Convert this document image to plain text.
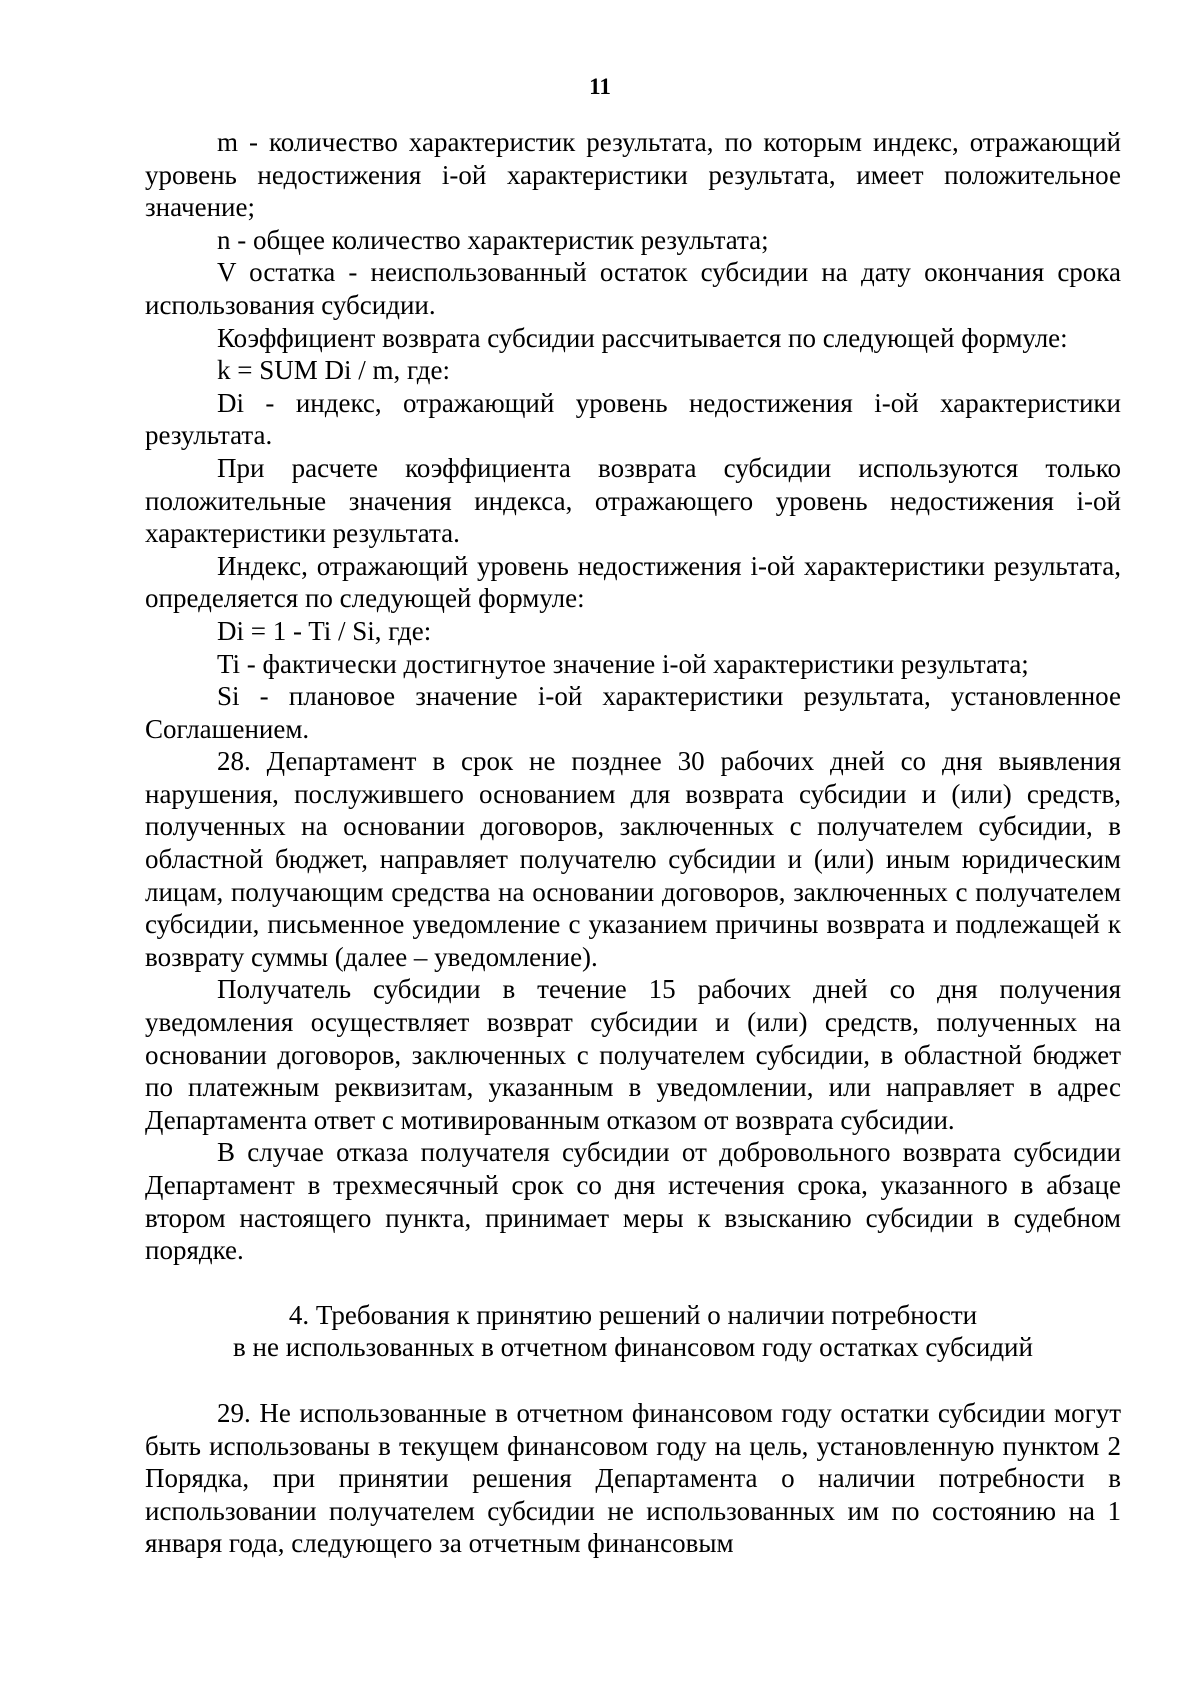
11

m - количество характеристик результата, по которым индекс, отражающий уровень недостижения i-ой характеристики результата, имеет положительное значение;

n - общее количество характеристик результата;

V остатка - неиспользованный остаток субсидии на дату окончания срока использования субсидии.

Коэффициент возврата субсидии рассчитывается по следующей формуле:

k = SUM Di / m, где:

Di - индекс, отражающий уровень недостижения i-ой характеристики результата.

При расчете коэффициента возврата субсидии используются только положительные значения индекса, отражающего уровень недостижения i-ой характеристики результата.

Индекс, отражающий уровень недостижения i-ой характеристики результата, определяется по следующей формуле:

Di = 1 - Ti / Si, где:

Ti - фактически достигнутое значение i-ой характеристики результата;

Si - плановое значение i-ой характеристики результата, установленное Соглашением.

28. Департамент в срок не позднее 30 рабочих дней со дня выявления нарушения, послужившего основанием для возврата субсидии и (или) средств, полученных на основании договоров, заключенных с получателем субсидии, в областной бюджет, направляет получателю субсидии и (или) иным юридическим лицам, получающим средства на основании договоров, заключенных с получателем субсидии, письменное уведомление с указанием причины возврата и подлежащей к возврату суммы (далее – уведомление).

Получатель субсидии в течение 15 рабочих дней со дня получения уведомления осуществляет возврат субсидии и (или) средств, полученных на основании договоров, заключенных с получателем субсидии, в областной бюджет по платежным реквизитам, указанным в уведомлении, или направляет в адрес Департамента ответ с мотивированным отказом от возврата субсидии.

В случае отказа получателя субсидии от добровольного возврата субсидии Департамент в трехмесячный срок со дня истечения срока, указанного в абзаце втором настоящего пункта, принимает меры к взысканию субсидии в судебном порядке.

4. Требования к принятию решений о наличии потребности
в не использованных в отчетном финансовом году остатках субсидий

29. Не использованные в отчетном финансовом году остатки субсидии могут быть использованы в текущем финансовом году на цель, установленную пунктом 2 Порядка, при принятии решения Департамента о наличии потребности в использовании получателем субсидии не использованных им по состоянию на 1 января года, следующего за отчетным финансовым
